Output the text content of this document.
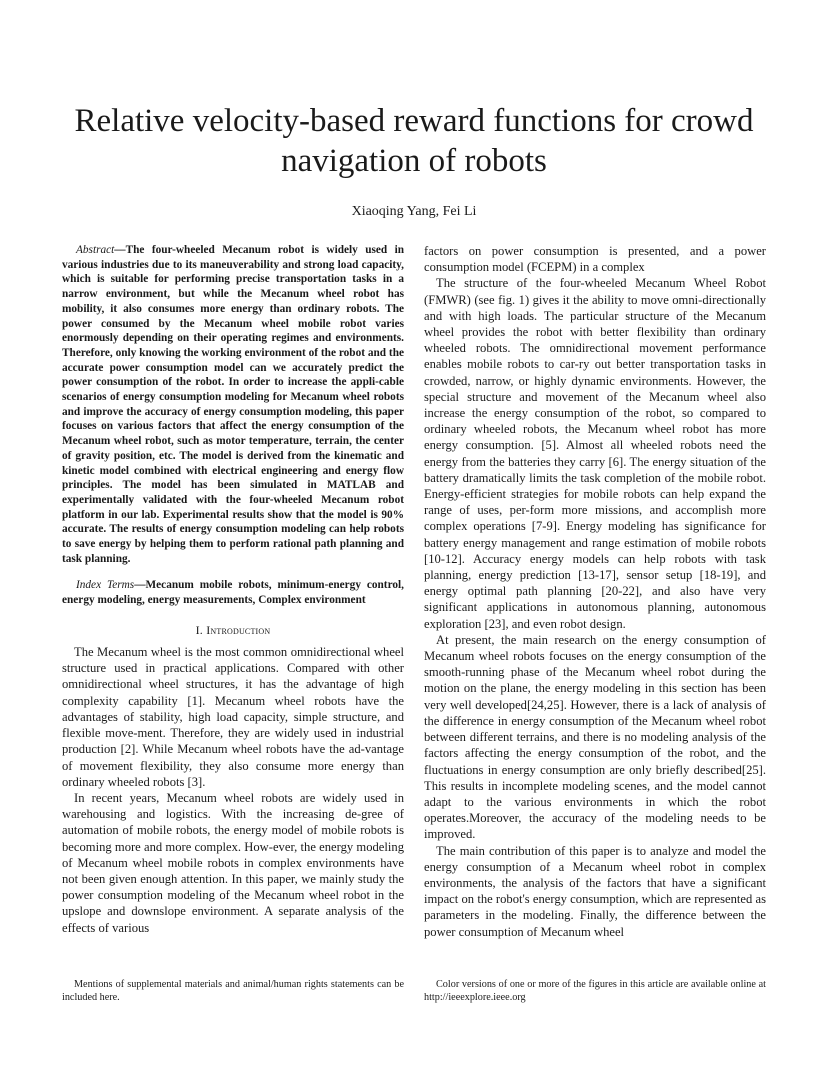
Relative velocity-based reward functions for crowd navigation of robots
Xiaoqing Yang, Fei Li

Abstract—The four-wheeled Mecanum robot is widely used in various industries due to its maneuverability and strong load capacity, which is suitable for performing precise transportation tasks in a narrow environment, but while the Mecanum wheel robot has mobility, it also consumes more energy than ordinary robots. The power consumed by the Mecanum wheel mobile robot varies enormously depending on their operating regimes and environments. Therefore, only knowing the working environment of the robot and the accurate power consumption model can we accurately predict the power consumption of the robot. In order to increase the appli-cable scenarios of energy consumption modeling for Mecanum wheel robots and improve the accuracy of energy consumption modeling, this paper focuses on various factors that affect the energy consumption of the Mecanum wheel robot, such as motor temperature, terrain, the center of gravity position, etc. The model is derived from the kinematic and kinetic model combined with electrical engineering and energy flow principles. The model has been simulated in MATLAB and experimentally validated with the four-wheeled Mecanum robot platform in our lab. Experimental results show that the model is 90% accurate. The results of energy consumption modeling can help robots to save energy by helping them to perform rational path planning and task planning.

Index Terms—Mecanum mobile robots, minimum-energy control, energy modeling, energy measurements, Complex environment

I. Introduction

The Mecanum wheel is the most common omnidirectional wheel structure used in practical applications. Compared with other omnidirectional wheel structures, it has the advantage of high complexity capability [1]. Mecanum wheel robots have the advantages of stability, high load capacity, simple structure, and flexible move-ment. Therefore, they are widely used in industrial production [2]. While Mecanum wheel robots have the ad-vantage of movement flexibility, they also consume more energy than ordinary wheeled robots [3].

In recent years, Mecanum wheel robots are widely used in warehousing and logistics. With the increasing de-gree of automation of mobile robots, the energy model of mobile robots is becoming more and more complex. How-ever, the energy modeling of Mecanum wheel mobile robots in complex environments have not been given enough attention. In this paper, we mainly study the power consumption modeling of the Mecanum wheel robot in the upslope and downslope environment. A separate analysis of the effects of various

factors on power consumption is presented, and a power consumption model (FCEPM) in a complex

The structure of the four-wheeled Mecanum Wheel Robot (FMWR) (see fig. 1) gives it the ability to move omni-directionally and with high loads. The particular structure of the Mecanum wheel provides the robot with better flexibility than ordinary wheeled robots. The omnidirectional movement performance enables mobile robots to car-ry out better transportation tasks in crowded, narrow, or highly dynamic environments. However, the special structure and movement of the Mecanum wheel also increase the energy consumption of the robot, so compared to ordinary wheeled robots, the Mecanum wheel robot has more energy consumption. [5]. Almost all wheeled robots need the energy from the batteries they carry [6]. The energy situation of the battery dramatically limits the task completion of the mobile robot. Energy-efficient strategies for mobile robots can help expand the range of uses, per-form more missions, and accomplish more complex operations [7-9]. Energy modeling has significance for battery energy management and range estimation of mobile robots [10-12]. Accuracy energy models can help robots with task planning, energy prediction [13-17], sensor setup [18-19], and energy optimal path planning [20-22], and also have very significant applications in autonomous planning, autonomous exploration [23], and even robot design.

At present, the main research on the energy consumption of Mecanum wheel robots focuses on the energy consumption of the smooth-running phase of the Mecanum wheel robot during the motion on the plane, the energy modeling in this section has been very well developed[24,25]. However, there is a lack of analysis of the difference in energy consumption of the Mecanum wheel robot between different terrains, and there is no modeling analysis of the factors affecting the energy consumption of the robot, and the fluctuations in energy consumption are only briefly described[25]. This results in incomplete modeling scenes, and the model cannot adapt to the various environments in which the robot operates.Moreover, the accuracy of the modeling needs to be improved.

The main contribution of this paper is to analyze and model the energy consumption of a Mecanum wheel robot in complex environments, the analysis of the factors that have a significant impact on the robot's energy consumption, which are represented as parameters in the modeling. Finally, the difference between the power consumption of Mecanum wheel

Mentions of supplemental materials and animal/human rights statements can be included here.
Color versions of one or more of the figures in this article are available online at http://ieeexplore.ieee.org
